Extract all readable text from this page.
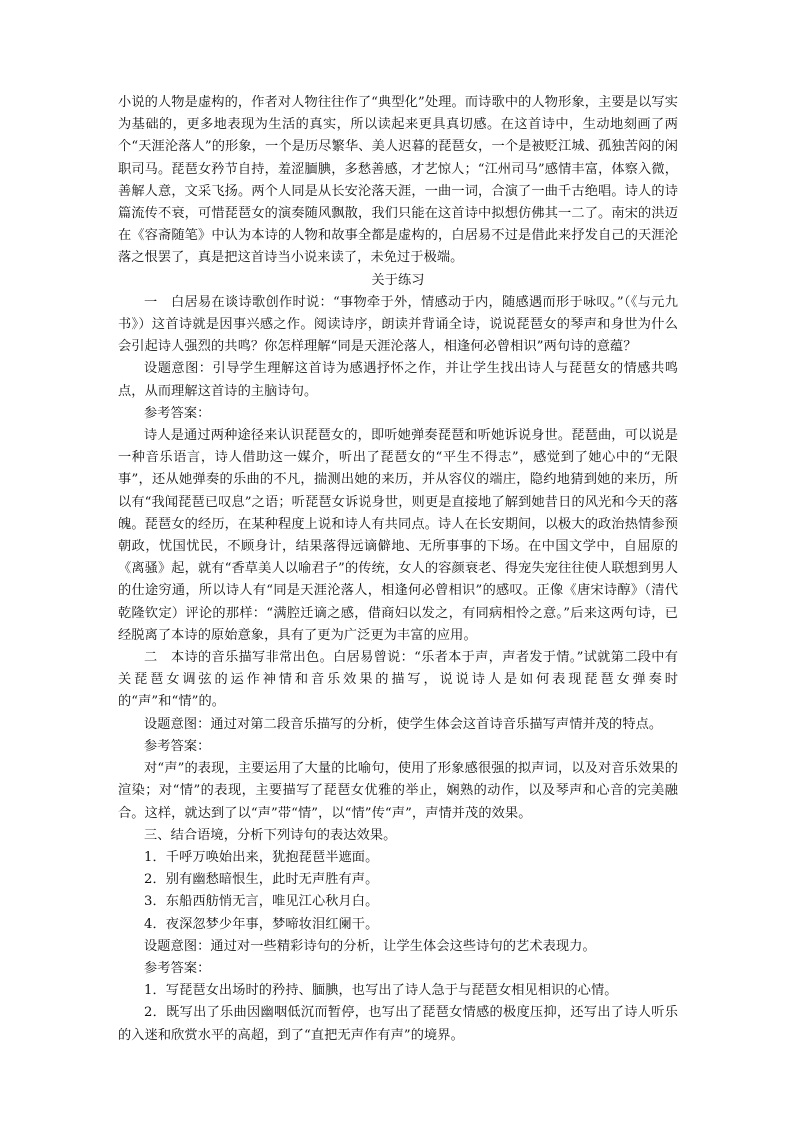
小说的人物是虚构的，作者对人物往往作了“典型化”处理。而诗歌中的人物形象，主要是以写实为基础的，更多地表现为生活的真实，所以读起来更具真切感。在这首诗中，生动地刻画了两个“天涯沦落人”的形象，一个是历尽繁华、美人迟暮的琵琶女，一个是被贬江城、孤独苦闷的闲职司马。琵琶女矜节自持，羞涩腼腆，多愁善感，才艺惊人；“江州司马”感情丰富，体察入微，善解人意，文采飞扬。两个人同是从长安沦落天涯，一曲一词，合演了一曲千古绝唱。诗人的诗篇流传不衰，可惜琵琶女的演奏随风飘散，我们只能在这首诗中拟想仿佛其一二了。南宋的洪迈在《容斋随笔》中认为本诗的人物和故事全都是虚构的，白居易不过是借此来抒发自己的天涯沦落之恨罢了，真是把这首诗当小说来读了，未免过于极端。

关于练习

一　白居易在谈诗歌创作时说：“事物牵于外，情感动于内，随感遇而形于咏叹。”（《与元九书》）这首诗就是因事兴感之作。阅读诗序，朗读并背诵全诗，说说琵琶女的琴声和身世为什么会引起诗人强烈的共鸣？你怎样理解“同是天涯沦落人，相逢何必曾相识”两句诗的意蕴？

设题意图：引导学生理解这首诗为感遇抒怀之作，并让学生找出诗人与琵琶女的情感共鸣点，从而理解这首诗的主脑诗句。

参考答案：

诗人是通过两种途径来认识琵琶女的，即听她弹奏琵琶和听她诉说身世。琵琶曲，可以说是一种音乐语言，诗人借助这一媒介，听出了琵琶女的“平生不得志”，感觉到了她心中的“无限事”，还从她弹奏的乐曲的不凡，揣测出她的来历，并从容仪的端庄，隐约地猜到她的来历，所以有“我闻琵琶已叹息”之语；听琵琶女诉说身世，则更是直接地了解到她昔日的风光和今天的落魄。琵琶女的经历，在某种程度上说和诗人有共同点。诗人在长安期间，以极大的政治热情参预朝政，忧国忧民，不顾身计，结果落得远谪僻地、无所事事的下场。在中国文学中，自屈原的《离骚》起，就有“香草美人以喻君子”的传统，女人的容颜衰老、得宠失宠往往使人联想到男人的仕途穷通，所以诗人有“同是天涯沦落人，相逢何必曾相识”的感叹。正像《唐宋诗醇》（清代乾隆钦定）评论的那样：“满腔迁谪之感，借商妇以发之，有同病相怜之意。”后来这两句诗，已经脱离了本诗的原始意象，具有了更为广泛更为丰富的应用。

二　本诗的音乐描写非常出色。白居易曾说：“乐者本于声，声者发于情。”试就第二段中有关琵琶女调弦的运作神情和音乐效果的描写，说说诗人是如何表现琵琶女弹奏时的“声”和“情”的。

设题意图：通过对第二段音乐描写的分析，使学生体会这首诗音乐描写声情并茂的特点。

参考答案：

对“声”的表现，主要运用了大量的比喻句，使用了形象感很强的拟声词，以及对音乐效果的渲染；对“情”的表现，主要描写了琵琶女优雅的举止，娴熟的动作，以及琴声和心音的完美融合。这样，就达到了以“声”带“情”，以“情”传“声”，声情并茂的效果。

三、结合语境，分析下列诗句的表达效果。

1．千呼万唤始出来，犹抱琵琶半遮面。

2．别有幽愁暗恨生，此时无声胜有声。

3．东船西舫悄无言，唯见江心秋月白。

4．夜深忽梦少年事，梦啼妆泪红阑干。

设题意图：通过对一些精彩诗句的分析，让学生体会这些诗句的艺术表现力。

参考答案：

1．写琵琶女出场时的矜持、腼腆，也写出了诗人急于与琵琶女相见相识的心情。

2．既写出了乐曲因幽咽低沉而暂停，也写出了琵琶女情感的极度压抑，还写出了诗人听乐的入迷和欣赏水平的高超，到了“直把无声作有声”的境界。
